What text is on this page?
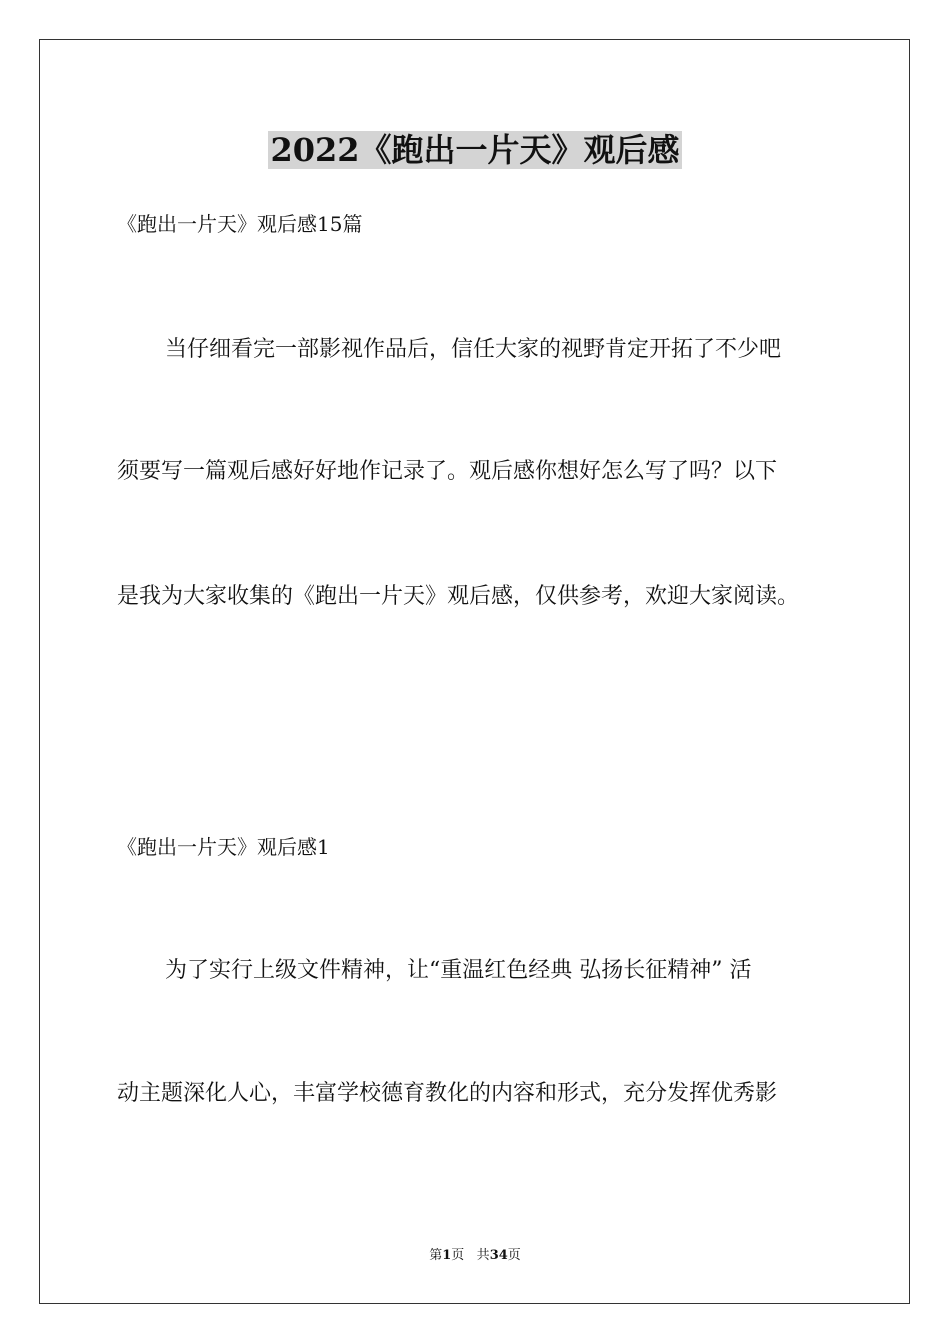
2022《跑出一片天》观后感
《跑出一片天》观后感15篇
当仔细看完一部影视作品后，信任大家的视野肯定开拓了不少吧
须要写一篇观后感好好地作记录了。观后感你想好怎么写了吗？以下
是我为大家收集的《跑出一片天》观后感，仅供参考，欢迎大家阅读。
《跑出一片天》观后感1
为了实行上级文件精神，让“重温红色经典 弘扬长征精神” 活
动主题深化人心，丰富学校德育教化的内容和形式，充分发挥优秀影
第1页 共34页
